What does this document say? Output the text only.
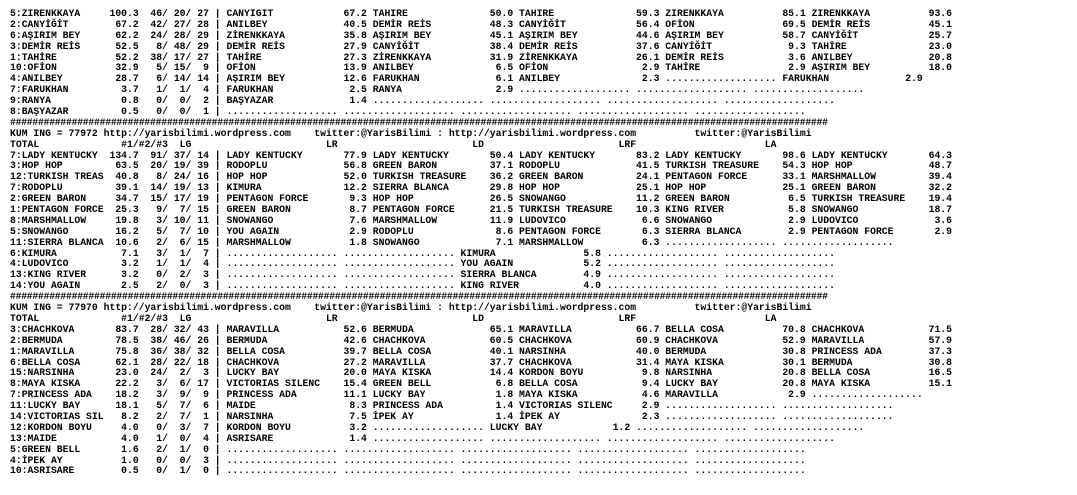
5:ZİRENKKAYA     100.3  46/ 20/ 27 | CANYİĞİT            67.2 TAHİRE              50.0 TAHİRE              59.3 ZİRENKKAYA          85.1 ZİRENKKAYA          93.6
2:CANYİĞİT        67.2  42/ 27/ 28 | ANILBEY             40.5 DEMİR REİS          48.3 CANYİĞİT            56.4 OFİON               69.5 DEMİR REİS          45.1
6:AŞIRIM BEY      62.2  24/ 28/ 29 | ZİRENKKAYA          35.8 AŞIRIM BEY          45.1 AŞIRIM BEY          44.6 AŞIRIM BEY          58.7 CANYİĞİT            25.7
3:DEMİR REİS      52.5   8/ 48/ 29 | DEMİR REİS          27.9 CANYİĞİT            38.4 DEMİR REİS          37.6 CANYİĞİT             9.3 TAHİRE              23.0
1:TAHİRE          52.2  38/ 17/ 27 | TAHİRE              27.3 ZİRENKKAYA          31.9 ZİRENKKAYA          26.1 DEMİR REİS           3.6 ANILBEY             20.8
10:OFİON          32.9   5/ 15/  9 | OFİON               13.9 ANILBEY              6.5 OFİON                2.9 TAHİRE               2.9 AŞIRIM BEY          18.0
4:ANILBEY         28.7   6/ 14/ 14 | AŞIRIM BEY          12.6 FARUKHAN             6.1 ANILBEY              2.3 ................... FARUKHAN             2.9
7:FARUKHAN         3.7   1/  1/  4 | FARUKHAN             2.5 RANYA                2.9 ................... ................... ...................
9:RANYA            0.8   0/  0/  2 | BAŞYAZAR             1.4 ................... ................... ................... ...................
8:BAŞYAZAR         0.5   0/  0/  1 | ................... ................... ................... ................... ...................
##################################################################################################################################################
KUM ING = 77972 http://yarisbilimi.wordpress.com    twitter:@YarisBilimi : http://yarisbilimi.wordpress.com          twitter:@YarisBilimi
TOTAL              #1/#2/#3  LG                       LR                       LD                       LRF                      LA
7:LADY KENTUCKY  134.7  91/ 37/ 14 | LADY KENTUCKY       77.9 LADY KENTUCKY       50.4 LADY KENTUCKY       83.2 LADY KENTUCKY       98.6 LADY KENTUCKY       64.3
3:HOP HOP         63.5  20/ 19/ 39 | RODOPLU             56.8 GREEN BARON         37.1 RODOPLU             41.5 TURKISH TREASURE    54.3 HOP HOP             48.7
12:TURKISH TREAS  40.8   8/ 24/ 16 | HOP HOP             52.0 TURKISH TREASURE    36.2 GREEN BARON         24.1 PENTAGON FORCE      33.1 MARSHMALLOW         39.4
7:RODOPLU         39.1  14/ 19/ 13 | KIMURA              12.2 SIERRA BLANCA       29.8 HOP HOP             25.1 HOP HOP             25.1 GREEN BARON         32.2
2:GREEN BARON     34.7  15/ 17/ 19 | PENTAGON FORCE       9.3 HOP HOP             26.5 SNOWANGO            11.2 GREEN BARON          6.5 TURKISH TREASURE    19.4
1:PENTAGON FORCE  25.3   9/  7/ 15 | GREEN BARON          8.7 PENTAGON FORCE      21.5 TURKISH TREASURE    10.3 KING RIVER           5.8 SNOWANGO            18.7
8:MARSHMALLOW     19.8   3/ 10/ 11 | SNOWANGO             7.6 MARSHMALLOW         11.9 LUDOVICO             6.6 SNOWANGO             2.9 LUDOVICO             3.6
5:SNOWANGO        16.2   5/  7/ 10 | YOU AGAIN            2.9 RODOPLU              8.6 PENTAGON FORCE       6.3 SIERRA BLANCA        2.9 PENTAGON FORCE       2.9
11:SIERRA BLANCA  10.6   2/  6/ 15 | MARSHMALLOW          1.8 SNOWANGO             7.1 MARSHMALLOW          6.3 ................... ...................
6:KIMURA           7.1   3/  1/  7 | ................... ................... KIMURA               5.8 ................... ...................
4:LUDOVICO         3.2   1/  1/  4 | ................... ................... YOU AGAIN            5.2 ................... ...................
13:KING RIVER      3.2   0/  2/  3 | ................... ................... SIERRA BLANCA        4.9 ................... ...................
14:YOU AGAIN       2.5   2/  0/  3 | ................... ................... KING RIVER           4.0 ................... ...................
##################################################################################################################################################
KUM ING = 77970 http://yarisbilimi.wordpress.com    twitter:@YarisBilimi : http://yarisbilimi.wordpress.com          twitter:@YarisBilimi
TOTAL              #1/#2/#3  LG                       LR                       LD                       LRF                      LA
3:CHACHKOVA       83.7  28/ 32/ 43 | MARAVILLA           52.6 BERMUDA             65.1 MARAVILLA           66.7 BELLA COSA          70.8 CHACHKOVA           71.5
2:BERMUDA         78.5  38/ 46/ 26 | BERMUDA             42.6 CHACHKOVA           60.5 CHACHKOVA           60.9 CHACHKOVA           52.9 MARAVILLA           57.9
1:MARAVILLA       75.8  36/ 38/ 32 | BELLA COSA          39.7 BELLA COSA          40.1 NARSINHA            40.0 BERMUDA             30.8 PRINCESS ADA        37.3
6:BELLA COSA      62.1  28/ 22/ 18 | CHACHKOVA           27.2 MARAVILLA           37.7 CHACHKOVA           31.4 MAYA KISKA          30.1 BERMUDA             30.8
15:NARSINHA       23.0  24/  2/  3 | LUCKY BAY           20.0 MAYA KISKA          14.4 KORDON BOYU          9.8 NARSINHA            20.8 BELLA COSA          16.5
8:MAYA KISKA      22.2   3/  6/ 17 | VICTORIAS SILENC    15.4 GREEN BELL           6.8 BELLA COSA           9.4 LUCKY BAY           20.8 MAYA KISKA          15.1
7:PRINCESS ADA    18.2   3/  9/  9 | PRINCESS ADA        11.1 LUCKY BAY            1.8 MAYA KISKA           4.6 MARAVILLA            2.9 ...................
11:LUCKY BAY      18.1   5/  7/  6 | MAIDE                8.3 PRINCESS ADA         1.4 VICTORIAS SILENC     2.9 ................... ...................
14:VICTORIAS SIL   8.2   2/  7/  1 | NARSINHA             7.5 İPEK AY              1.4 İPEK AY              2.3 ................... ...................
12:KORDON BOYU     4.0   0/  3/  7 | KORDON BOYU          3.2 ................... LUCKY BAY            1.2 ................... ...................
13:MAIDE           4.0   1/  0/  4 | ASRISARE             1.4 ................... ................... ................... ...................
5:GREEN BELL       1.6   2/  1/  0 | ................... ................... ................... ................... ...................
4:İPEK AY          1.0   0/  0/  3 | ................... ................... ................... ................... ...................
10:ASRISARE        0.5   0/  1/  0 | ................... ................... ................... ................... ...................
